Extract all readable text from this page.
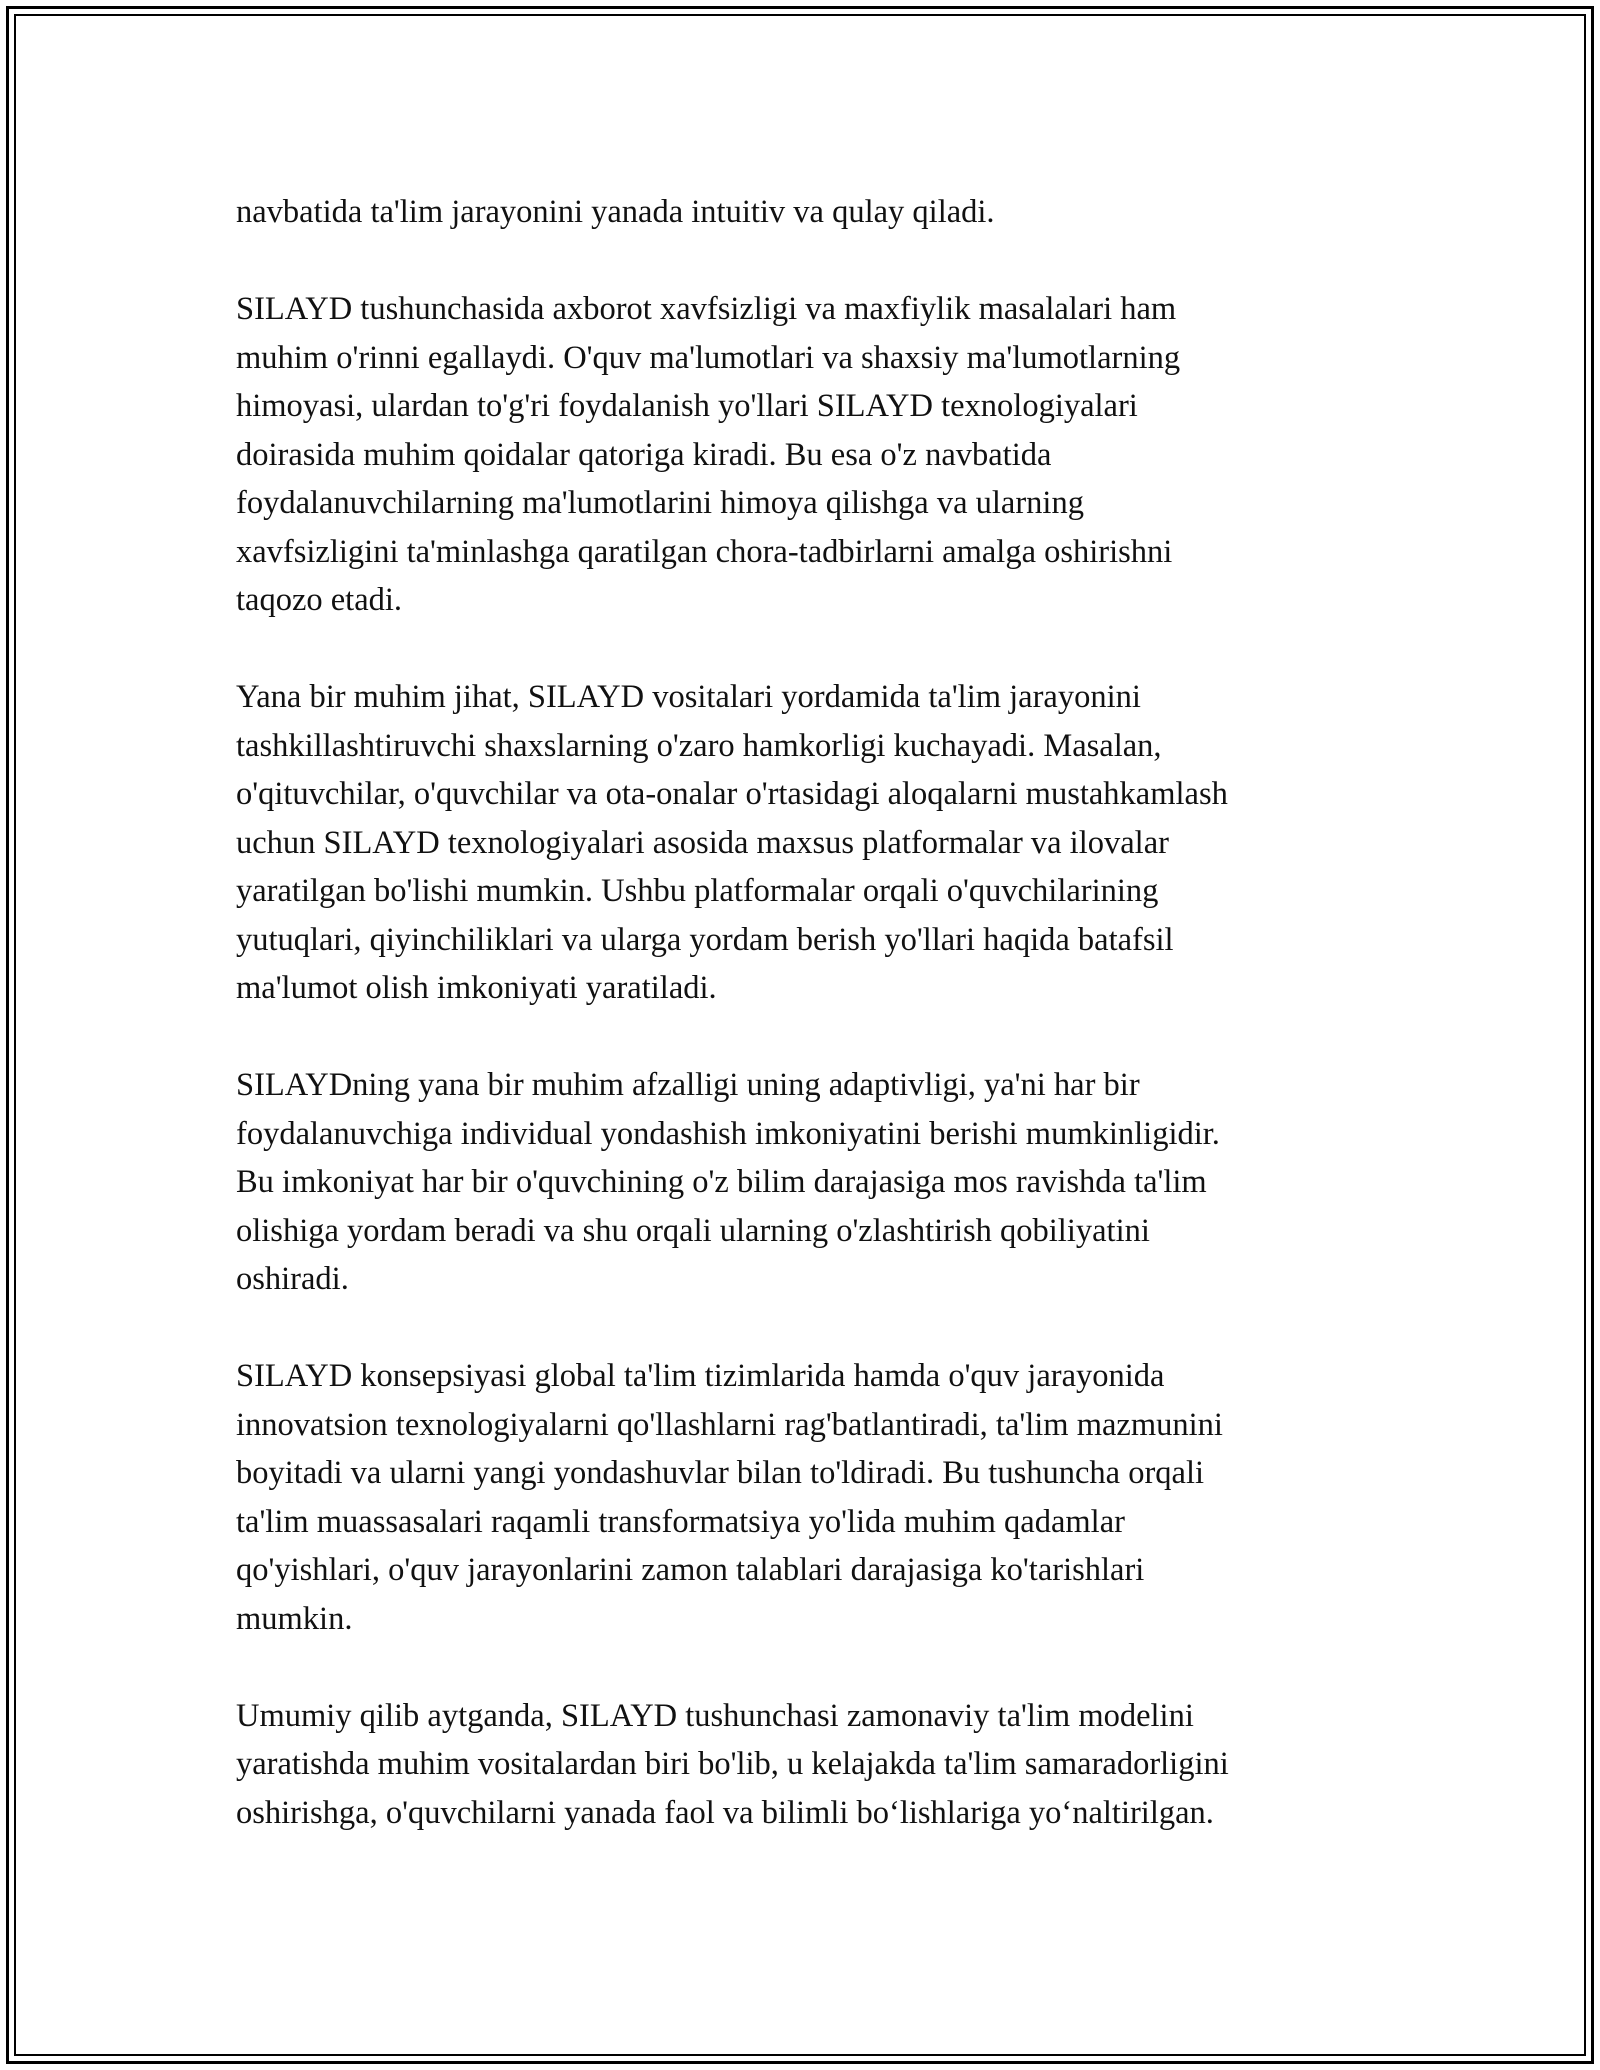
navbatida ta'lim jarayonini yanada intuitiv va qulay qiladi.

SILAYD tushunchasida axborot xavfsizligi va maxfiylik masalalari ham
muhim o'rinni egallaydi. O'quv ma'lumotlari va shaxsiy ma'lumotlarning
himoyasi, ulardan to'g'ri foydalanish yo'llari SILAYD texnologiyalari
doirasida muhim qoidalar qatoriga kiradi. Bu esa o'z navbatida
foydalanuvchilarning ma'lumotlarini himoya qilishga va ularning
xavfsizligini ta'minlashga qaratilgan chora-tadbirlarni amalga oshirishni
taqozo etadi.

Yana bir muhim jihat, SILAYD vositalari yordamida ta'lim jarayonini
tashkillashtiruvchi shaxslarning o'zaro hamkorligi kuchayadi. Masalan,
o'qituvchilar, o'quvchilar va ota-onalar o'rtasidagi aloqalarni mustahkamlash
uchun SILAYD texnologiyalari asosida maxsus platformalar va ilovalar
yaratilgan bo'lishi mumkin. Ushbu platformalar orqali o'quvchilarining
yutuqlari, qiyinchiliklari va ularga yordam berish yo'llari haqida batafsil
ma'lumot olish imkoniyati yaratiladi.

SILAYDning yana bir muhim afzalligi uning adaptivligi, ya'ni har bir
foydalanuvchiga individual yondashish imkoniyatini berishi mumkinligidir.
Bu imkoniyat har bir o'quvchining o'z bilim darajasiga mos ravishda ta'lim
olishiga yordam beradi va shu orqali ularning o'zlashtirish qobiliyatini
oshiradi.

SILAYD konsepsiyasi global ta'lim tizimlarida hamda o'quv jarayonida
innovatsion texnologiyalarni qo'llashlarni rag'batlantiradi, ta'lim mazmunini
boyitadi va ularni yangi yondashuvlar bilan to'ldiradi. Bu tushuncha orqali
ta'lim muassasalari raqamli transformatsiya yo'lida muhim qadamlar
qo'yishlari, o'quv jarayonlarini zamon talablari darajasiga ko'tarishlari
mumkin.

Umumiy qilib aytganda, SILAYD tushunchasi zamonaviy ta'lim modelini
yaratishda muhim vositalardan biri bo'lib, u kelajakda ta'lim samaradorligini
oshirishga, o'quvchilarni yanada faol va bilimli bo‘lishlariga yo‘naltirilgan.
